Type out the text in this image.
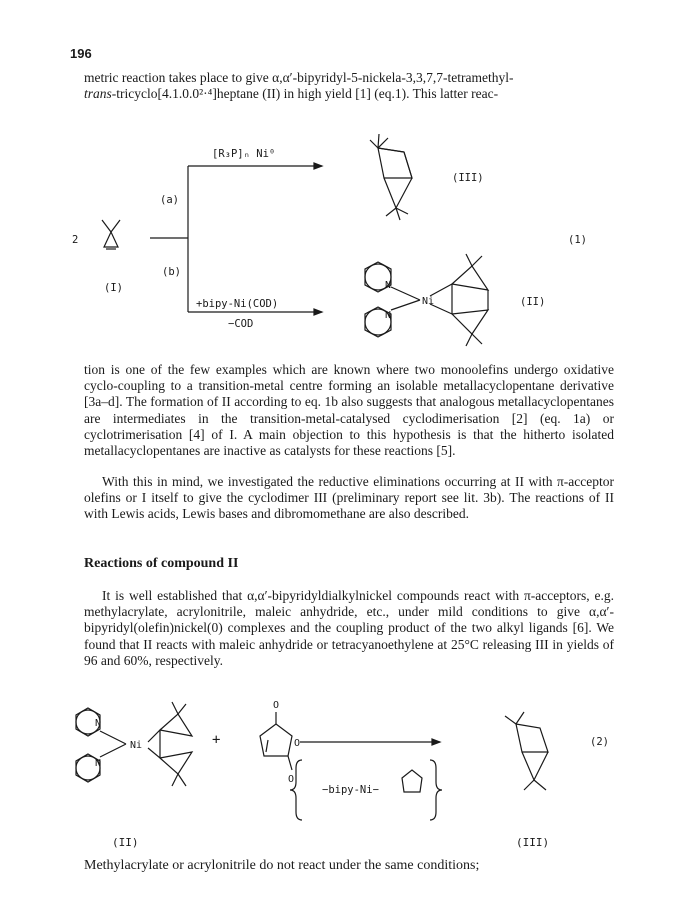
196
metric reaction takes place to give α,α′-bipyridyl-5-nickela-3,3,7,7-tetramethyl-
trans-tricyclo[4.1.0.0²·⁴]heptane (II) in high yield [1] (eq.1). This latter reac-
N
N
Ni
N
N
Ni
O
O
O
[R₃P]ₙ Ni⁰
(a)
2
(b)
(I)
(III)
(1)
+bipy-Ni(COD)	(II)
−COD
tion is one of the few examples which are known where two monoolefins undergo oxidative cyclo-coupling to a transition-metal centre forming an isolable metallacyclopentane derivative [3a–d]. The formation of II according to eq. 1b also suggests that analogous metallacyclopentanes are intermediates in the transition-metal-catalysed cyclodimerisation [2] (eq. 1a) or cyclotrimerisation [4] of I. A main objection to this hypothesis is that the hitherto isolated metallacyclopentanes are inactive as catalysts for these reactions [5].
With this in mind, we investigated the reductive eliminations occurring at II with π-acceptor olefins or I itself to give the cyclodimer III (preliminary report see lit. 3b). The reactions of II with Lewis acids, Lewis bases and dibromomethane are also described.
Reactions of compound II
It is well established that α,α′-bipyridyldialkylnickel compounds react with π-acceptors, e.g. methylacrylate, acrylonitrile, maleic anhydride, etc., under mild conditions to give α,α′-bipyridyl(olefin)nickel(0) complexes and the coupling product of the two alkyl ligands [6]. We found that II reacts with maleic anhydride or tetracyanoethylene at 25°C releasing III in yields of 96 and 60%, respectively.
+
−bipy-Ni−
(2)
(II)	(III)
Methylacrylate or acrylonitrile do not react under the same conditions;
